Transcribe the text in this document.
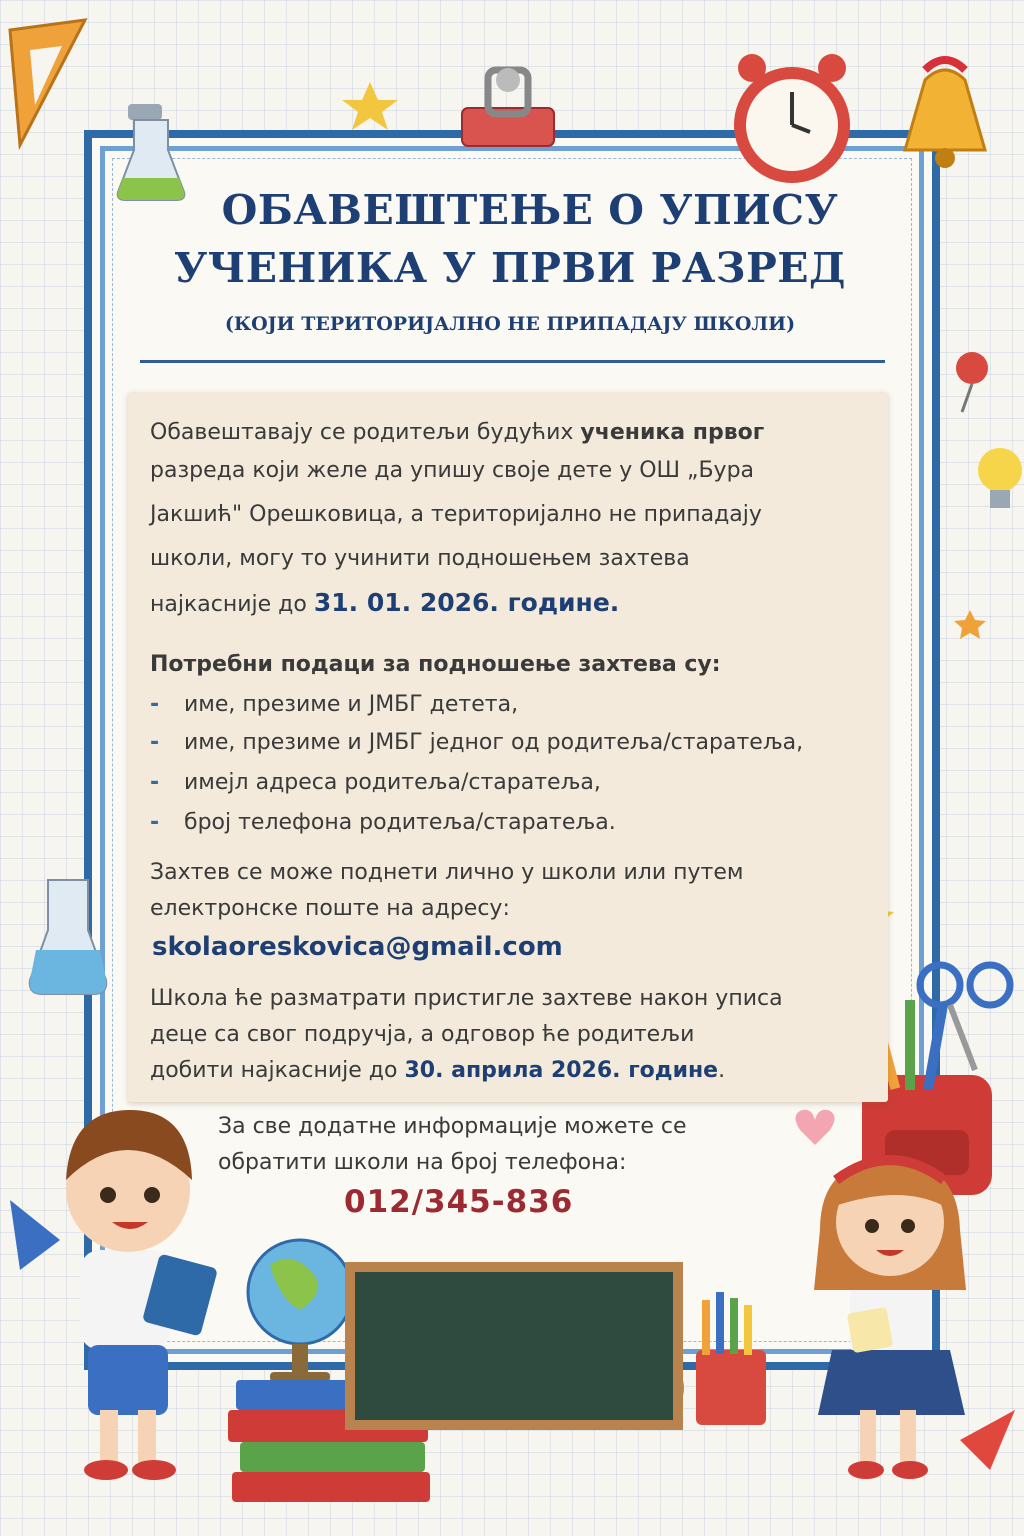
ОБАВЕШТЕЊЕ О УПИСУ
УЧЕНИКА У ПРВИ РАЗРЕД

(КОЈИ ТЕРИТОРИЈАЛНО НЕ ПРИПАДАЈУ ШКОЛИ)

Обавештавају се родитељи будућих ученика првог

разреда који желе да упишу своје дете у ОШ „Бура

Јакшић" Орешковица, а територијално не припадају

школи, могу то учинити подношењем захтева

најкасније до 31. 01. 2026. године.

Потребни подаци за подношење захтева су:

- име, презиме и ЈМБГ детета,

- име, презиме и ЈМБГ једног од родитеља/старатеља,

- имејл адреса родитеља/старатеља,

- број телефона родитеља/старатеља.

Захтев се може поднети лично у школи или путем

електронске поште на адресу:

skolaoreskovica@gmail.com

Школа ће разматрати пристигле захтеве након уписа

деце са свог подручја, а одговор ће родитељи

добити најкасније до 30. априла 2026. године.

За све додатне информације можете се

обратити школи на број телефона:

012/345-836
